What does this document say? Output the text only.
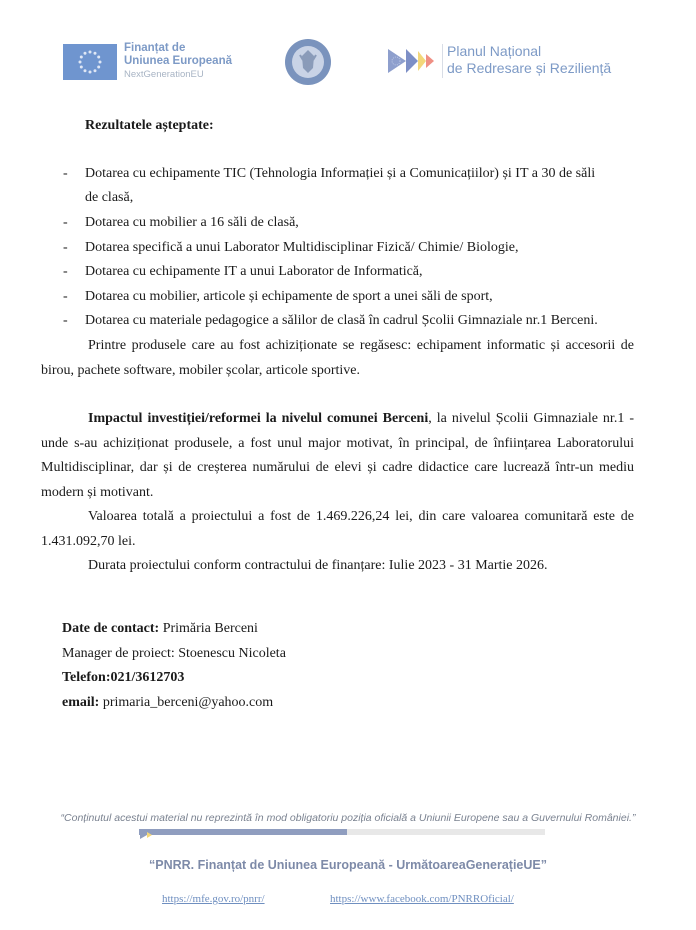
Finanțat de
Uniunea Europeană
NextGenerationEU
Planul Național
de Redresare și Reziliență
Rezultatele așteptate:
- Dotarea cu echipamente TIC (Tehnologia Informației și a Comunicațiilor) și IT a 30 de săli
de clasă,
- Dotarea cu mobilier a 16 săli de clasă,
- Dotarea specifică a unui Laborator Multidisciplinar Fizică/ Chimie/ Biologie,
- Dotarea cu echipamente IT a unui Laborator de Informatică,
- Dotarea cu mobilier, articole și echipamente de sport a unei săli de sport,
- Dotarea cu materiale pedagogice a sălilor de clasă în cadrul Școlii Gimnaziale nr.1 Berceni.
Printre produsele care au fost achiziționate se regăsesc: echipament informatic și accesorii de birou, pachete software, mobiler școlar, articole sportive.
Impactul investiției/reformei la nivelul comunei Berceni, la nivelul Școlii Gimnaziale nr.1 - unde s-au achiziționat produsele, a fost unul major motivat, în principal, de înființarea Laboratorului Multidisciplinar, dar și de creșterea numărului de elevi și cadre didactice care lucrează într-un mediu modern și motivant.
Valoarea totală a proiectului a fost de 1.469.226,24 lei, din care valoarea comunitară este de 1.431.092,70 lei.
Durata proiectului conform contractului de finanțare: Iulie 2023 - 31 Martie 2026.
Date de contact: Primăria Berceni
Manager de proiect: Stoenescu Nicoleta
Telefon:021/3612703
email: primaria_berceni@yahoo.com
“Conținutul acestui material nu reprezintă în mod obligatoriu poziția oficială a Uniunii Europene sau a Guvernului României.”
“PNRR. Finanțat de Uniunea Europeană - UrmătoareaGenerațieUE”
https://mfe.gov.ro/pnrr/	https://www.facebook.com/PNRROficial/
